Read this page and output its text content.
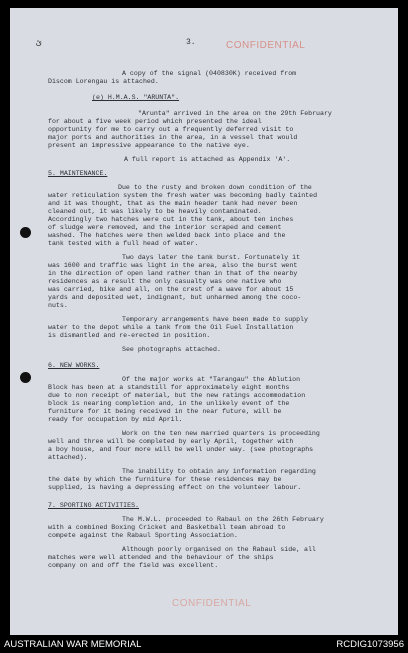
ئ	3.	CONFIDENTIAL
A copy of the signal (040830K) received from
Discom Lorengau is attached.
(e) H.M.A.S. "ARUNTA".
"Arunta" arrived in the area on the 29th February
for about a five week period which presented the ideal
opportunity for me to carry out a frequently deferred visit to
major ports and authorities in the area, in a vessel that would
present an impressive appearance to the native eye.
A full report is attached as Appendix 'A'.
5. MAINTENANCE.
Due to the rusty and broken down condition of the
water reticulation system the fresh water was becoming badly tainted
and it was thought, that as the main header tank had never been
cleaned out, it was likely to be heavily contaminated.
Accordingly two hatches were cut in the tank, about ten inches
of sludge were removed, and the interior scraped and cement
washed. The hatches were then welded back into place and the
tank tested with a full head of water.
Two days later the tank burst. Fortunately it
was 1600 and traffic was light in the area, also the burst went
in the direction of open land rather than in that of the nearby
residences as a result the only casualty was one native who
was carried, bike and all, on the crest of a wave for about 15
yards and deposited wet, indignant, but unharmed among the coco-
nuts.
Temporary arrangements have been made to supply
water to the depot while a tank from the Oil Fuel Installation
is dismantled and re-erected in position.
See photographs attached.
6. NEW WORKS.
Of the major works at "Tarangau" the Ablution
Block has been at a standstill for approximately eight months
due to non receipt of material, but the new ratings accommodation
block is nearing completion and, in the unlikely event of the
furniture for it being received in the near future, will be
ready for occupation by mid April.
Work on the ten new married quarters is proceeding
well and three will be completed by early April, together with
a boy house, and four more will be well under way. (see photographs
attached).
The inability to obtain any information regarding
the date by which the furniture for these residences may be
supplied, is having a depressing effect on the volunteer labour.
7. SPORTING ACTIVITIES.
The M.W.L. proceeded to Rabaul on the 26th February
with a combined Boxing Cricket and Basketball team abroad to
compete against the Rabaul Sporting Association.
Although poorly organised on the Rabaul side, all
matches were well attended and the behaviour of the ships
company on and off the field was excellent.
CONFIDENTIAL
AUSTRALIAN WAR MEMORIAL	RCDIG1073956
